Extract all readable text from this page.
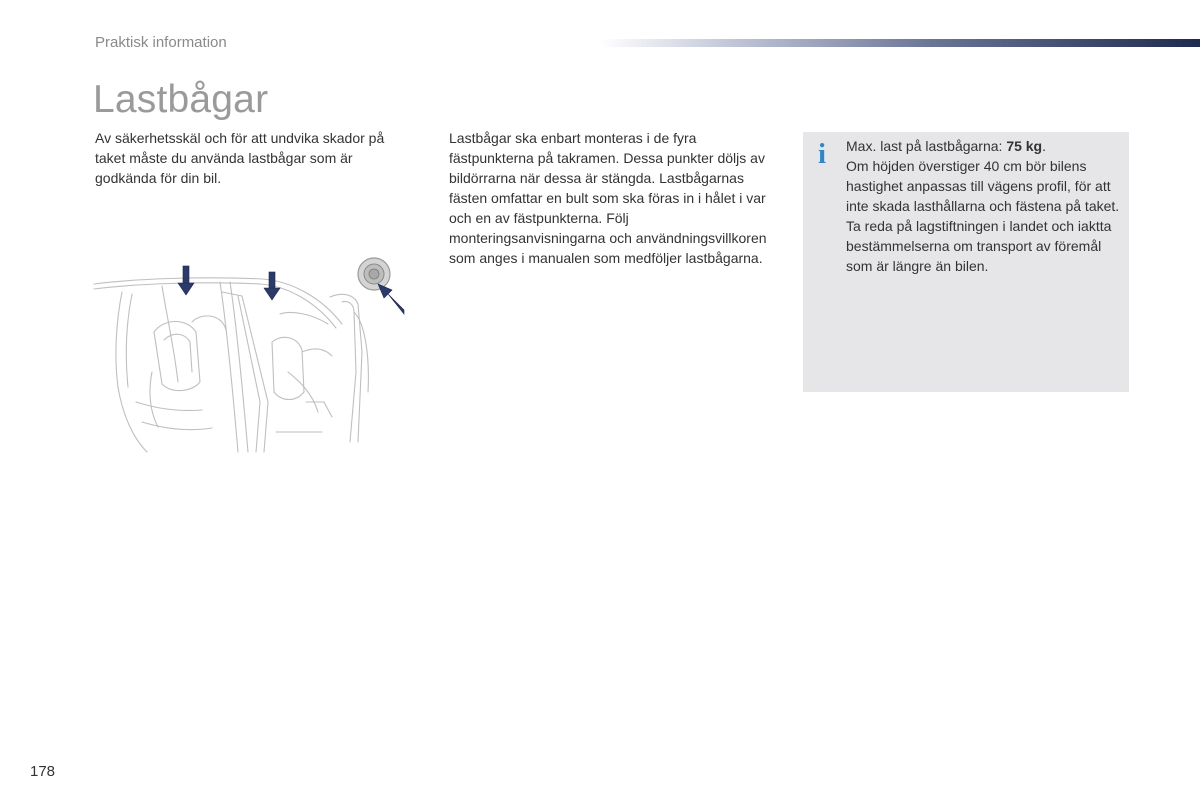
Praktisk information
Lastbågar
Av säkerhetsskäl och för att undvika skador på taket måste du använda lastbågar som är godkända för din bil.
Lastbågar ska enbart monteras i de fyra fästpunkterna på takramen. Dessa punkter döljs av bildörrarna när dessa är stängda. Lastbågarnas fästen omfattar en bult som ska föras in i hålet i var och en av fästpunkterna. Följ monteringsanvisningarna och användningsvillkoren som anges i manualen som medföljer lastbågarna.
i Max. last på lastbågarna: 75 kg.
Om höjden överstiger 40 cm bör bilens hastighet anpassas till vägens profil, för att inte skada lasthållarna och fästena på taket.
Ta reda på lagstiftningen i landet och iaktta bestämmelserna om transport av föremål som är längre än bilen.
178
